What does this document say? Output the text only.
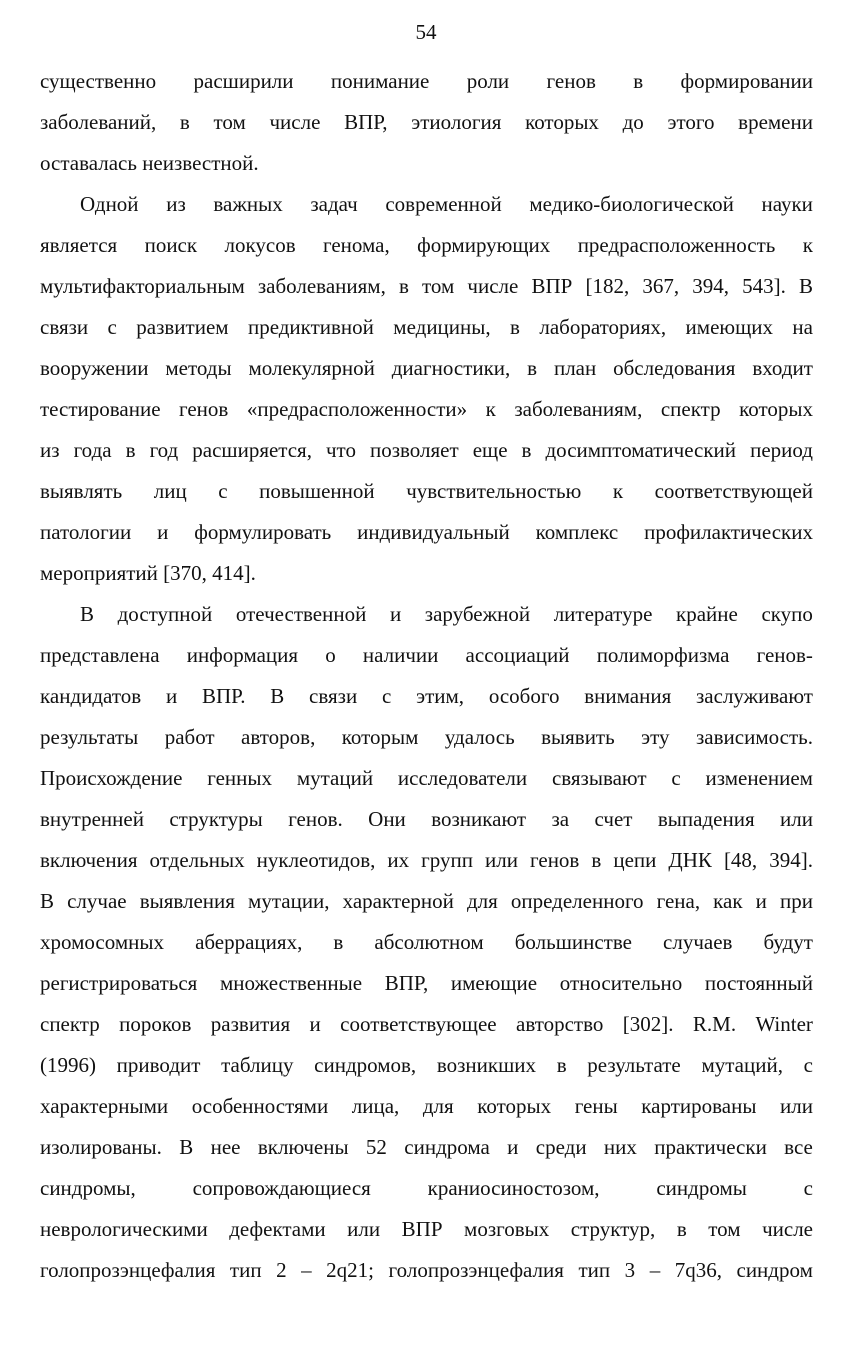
54

существенно расширили понимание роли генов в формировании
заболеваний, в том числе ВПР, этиология которых до этого времени
оставалась неизвестной.

Одной из важных задач современной медико-биологической науки
является поиск локусов генома, формирующих предрасположенность к
мультифакториальным заболеваниям, в том числе ВПР [182, 367, 394, 543]. В
связи с развитием предиктивной медицины, в лабораториях, имеющих на
вооружении методы молекулярной диагностики, в план обследования входит
тестирование генов «предрасположенности» к заболеваниям, спектр которых
из года в год расширяется, что позволяет еще в досимптоматический период
выявлять лиц с повышенной чувствительностью к соответствующей
патологии и формулировать индивидуальный комплекс профилактических
мероприятий [370, 414].

В доступной отечественной и зарубежной литературе крайне скупо
представлена информация о наличии ассоциаций полиморфизма генов-
кандидатов и ВПР. В связи с этим, особого внимания заслуживают
результаты работ авторов, которым удалось выявить эту зависимость.
Происхождение генных мутаций исследователи связывают с изменением
внутренней структуры генов. Они возникают за счет выпадения или
включения отдельных нуклеотидов, их групп или генов в цепи ДНК [48, 394].
В случае выявления мутации, характерной для определенного гена, как и при
хромосомных аберрациях, в абсолютном большинстве случаев будут
регистрироваться множественные ВПР, имеющие относительно постоянный
спектр пороков развития и соответствующее авторство [302]. R.M. Winter
(1996) приводит таблицу синдромов, возникших в результате мутаций, с
характерными особенностями лица, для которых гены картированы или
изолированы. В нее включены 52 синдрома и среди них практически все
синдромы,	сопровождающиеся	краниосиностозом,	синдромы	с
неврологическими дефектами или ВПР мозговых структур, в том числе
голопрозэнцефалия тип 2 – 2q21; голопрозэнцефалия тип 3 – 7q36, синдром
